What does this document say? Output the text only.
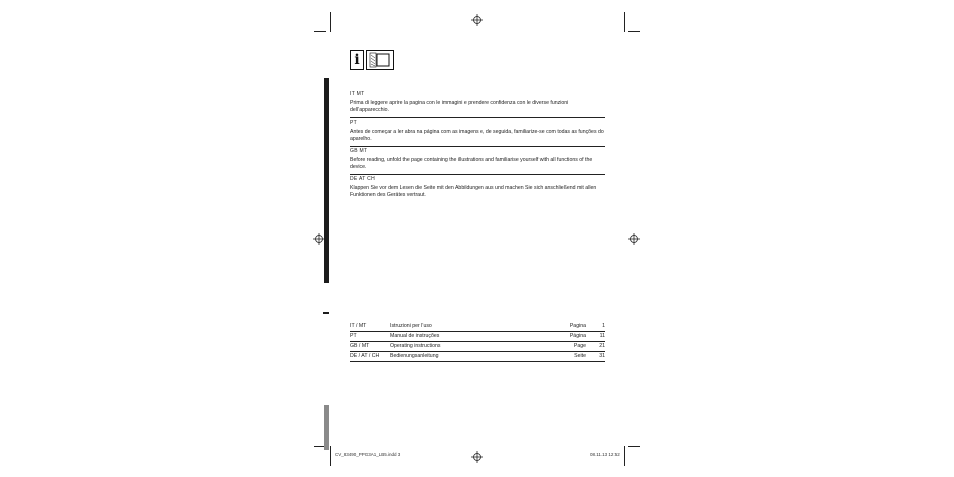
i
IT MT
Prima di leggere aprire la pagina con le immagini e prendere confidenza con le diverse funzioni dell’apparecchio.
PT
Antes de começar a ler abra na página com as imagens e, de seguida, familiarize-se com todas as funções do aparelho.
GB MT
Before reading, unfold the page containing the illustrations and familiarise yourself with all functions of the device.
DE AT CH
Klappen Sie vor dem Lesen die Seite mit den Abbildungen aus und machen Sie sich anschließend mit allen Funktionen des Gerätes vertraut.
IT / MT	Istruzioni per l’uso	Pagina	1
PT	Manual de instruções	Página	11
GB / MT	Operating instructions	Page	21
DE / AT / CH	Bedienungsanleitung	Seite	31
CV_83490_PPG3A1_LB5.indd 3	08.11.13 12:52
